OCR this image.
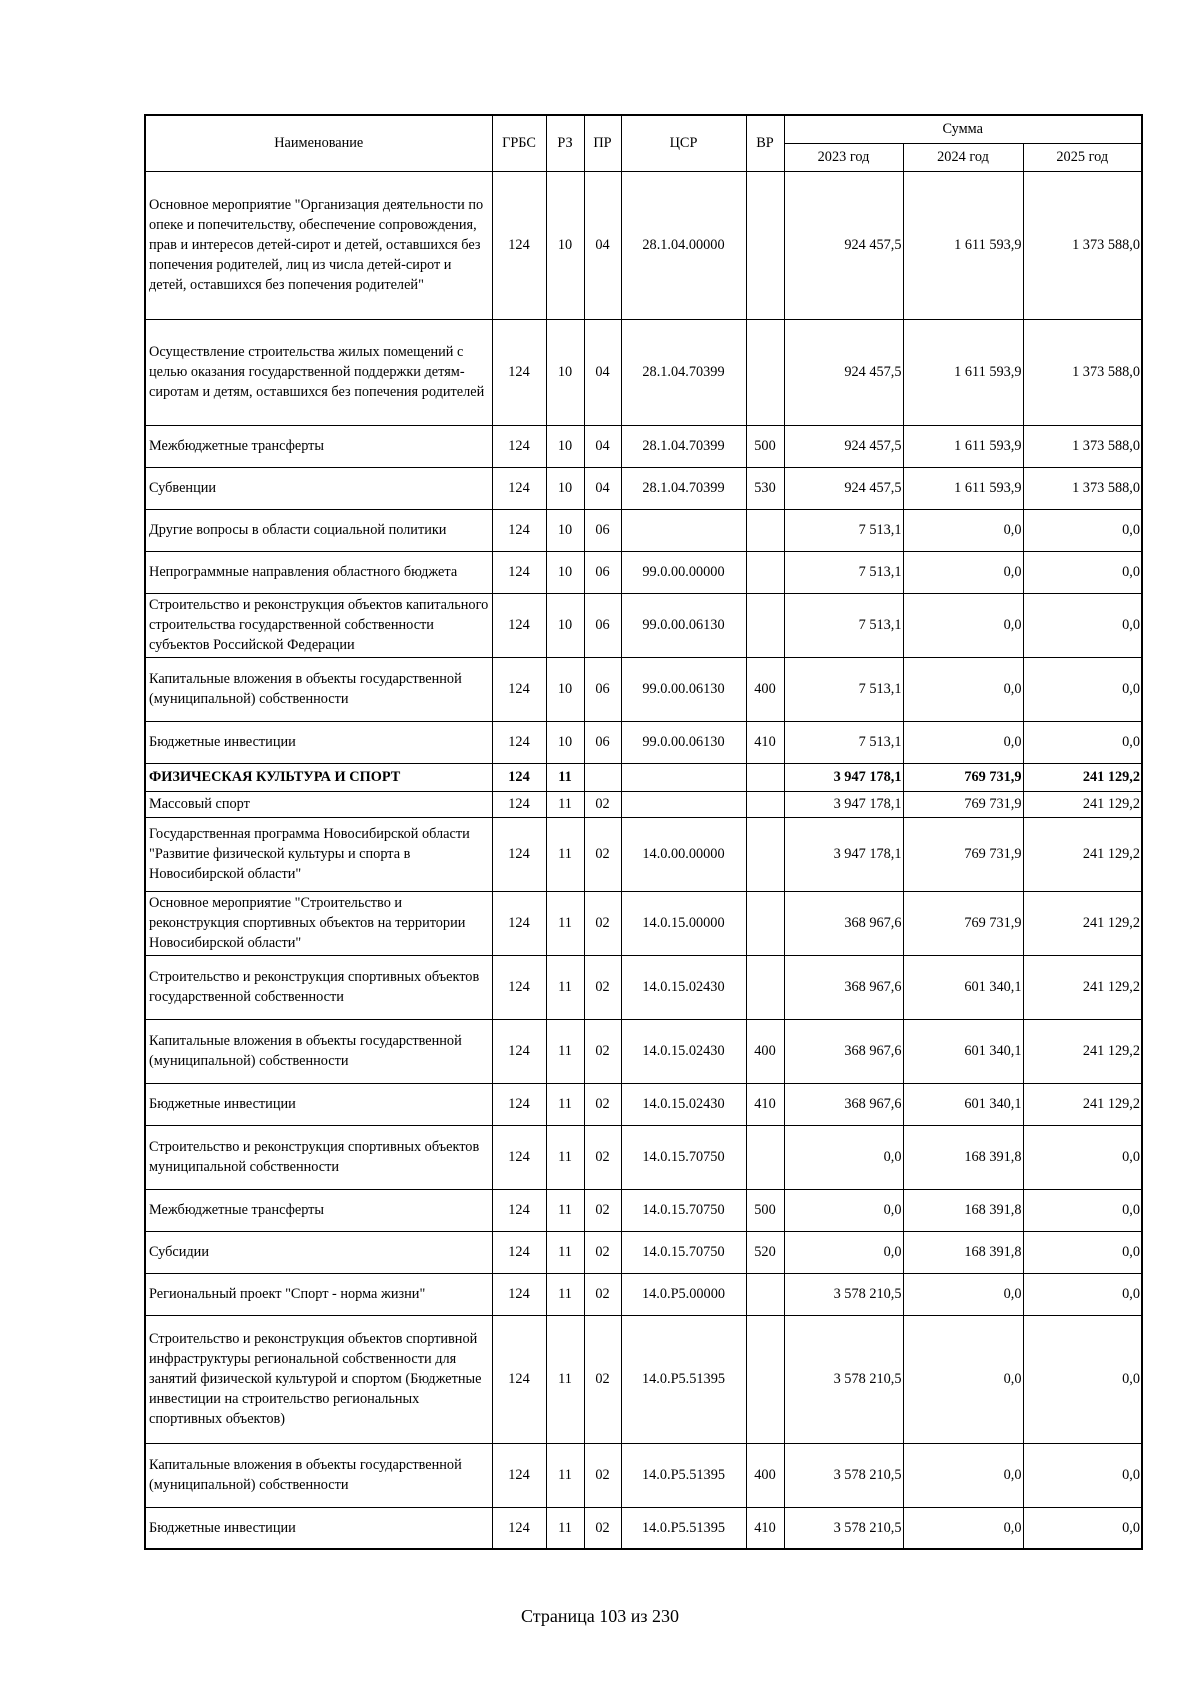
Наименование	ГРБС	РЗ	ПР	ЦСР	ВР	Сумма		
						2023 год	2024 год	2025 год
Основное мероприятие "Организация деятельности по опеке и попечительству, обеспечение сопровождения, прав и интересов детей-сирот и детей, оставшихся без попечения родителей, лиц из числа детей-сирот и детей, оставшихся без попечения родителей"	124	10	04	28.1.04.00000		924 457,5	1 611 593,9	1 373 588,0
Осуществление строительства жилых помещений с целью оказания государственной поддержки детям-сиротам и детям, оставшихся без попечения родителей	124	10	04	28.1.04.70399		924 457,5	1 611 593,9	1 373 588,0
Межбюджетные трансферты	124	10	04	28.1.04.70399	500	924 457,5	1 611 593,9	1 373 588,0
Субвенции	124	10	04	28.1.04.70399	530	924 457,5	1 611 593,9	1 373 588,0
Другие вопросы в области социальной политики	124	10	06			7 513,1	0,0	0,0
Непрограммные направления областного бюджета	124	10	06	99.0.00.00000		7 513,1	0,0	0,0
Строительство и реконструкция объектов капитального строительства государственной собственности субъектов Российской Федерации	124	10	06	99.0.00.06130		7 513,1	0,0	0,0
Капитальные вложения в объекты государственной (муниципальной) собственности	124	10	06	99.0.00.06130	400	7 513,1	0,0	0,0
Бюджетные инвестиции	124	10	06	99.0.00.06130	410	7 513,1	0,0	0,0
ФИЗИЧЕСКАЯ КУЛЬТУРА И СПОРТ	124	11				3 947 178,1	769 731,9	241 129,2
Массовый спорт	124	11	02			3 947 178,1	769 731,9	241 129,2
Государственная программа Новосибирской области "Развитие физической культуры и спорта в Новосибирской области"	124	11	02	14.0.00.00000		3 947 178,1	769 731,9	241 129,2
Основное мероприятие "Строительство и реконструкция спортивных объектов на территории Новосибирской области"	124	11	02	14.0.15.00000		368 967,6	769 731,9	241 129,2
Строительство и реконструкция спортивных объектов государственной собственности	124	11	02	14.0.15.02430		368 967,6	601 340,1	241 129,2
Капитальные вложения в объекты государственной (муниципальной) собственности	124	11	02	14.0.15.02430	400	368 967,6	601 340,1	241 129,2
Бюджетные инвестиции	124	11	02	14.0.15.02430	410	368 967,6	601 340,1	241 129,2
Строительство и реконструкция спортивных объектов муниципальной собственности	124	11	02	14.0.15.70750		0,0	168 391,8	0,0
Межбюджетные трансферты	124	11	02	14.0.15.70750	500	0,0	168 391,8	0,0
Субсидии	124	11	02	14.0.15.70750	520	0,0	168 391,8	0,0
Региональный проект "Спорт - норма жизни"	124	11	02	14.0.P5.00000		3 578 210,5	0,0	0,0
Строительство и реконструкция объектов спортивной инфраструктуры региональной собственности для занятий физической культурой и спортом (Бюджетные инвестиции на строительство региональных спортивных объектов)	124	11	02	14.0.P5.51395		3 578 210,5	0,0	0,0
Капитальные вложения в объекты государственной (муниципальной) собственности	124	11	02	14.0.P5.51395	400	3 578 210,5	0,0	0,0
Бюджетные инвестиции	124	11	02	14.0.P5.51395	410	3 578 210,5	0,0	0,0
Страница 103 из 230
